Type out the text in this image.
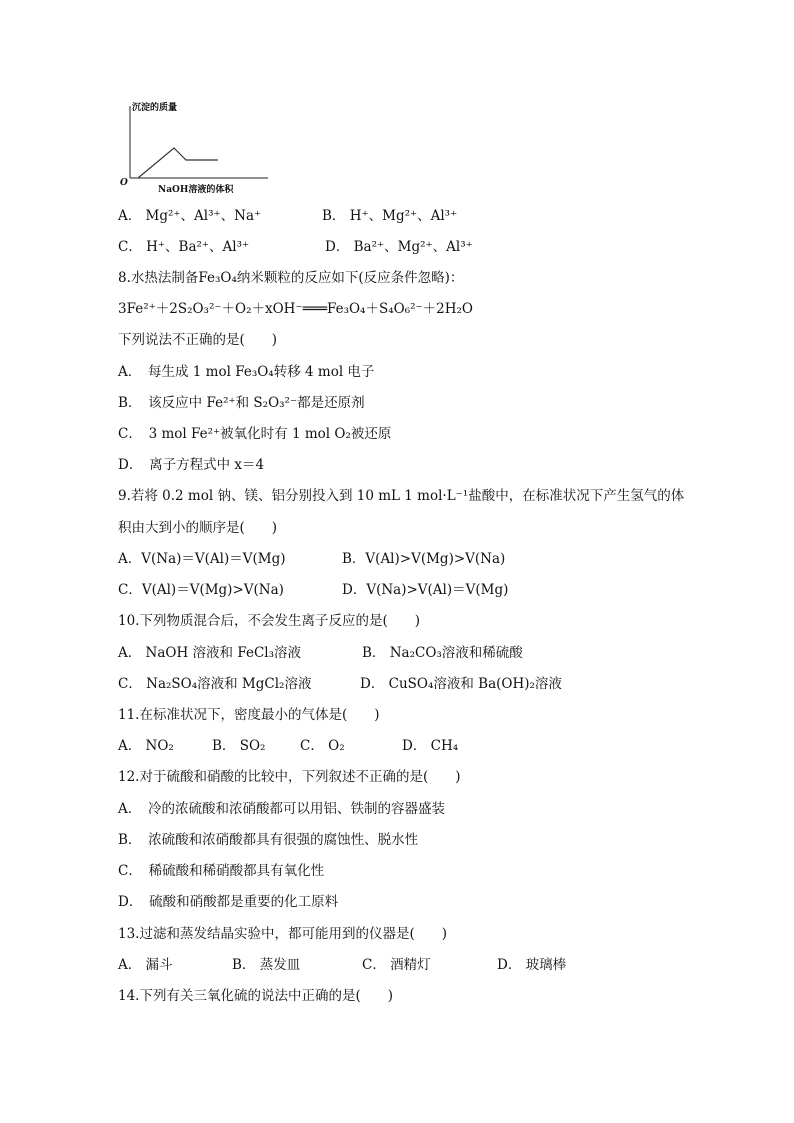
沉淀的质量
NaOH溶液的体积
O
A． Mg²⁺、Al³⁺、Na⁺	B． H⁺、Mg²⁺、Al³⁺
C． H⁺、Ba²⁺、Al³⁺	D． Ba²⁺、Mg²⁺、Al³⁺
8.水热法制备Fe₃O₄纳米颗粒的反应如下(反应条件忽略)：
3Fe²⁺＋2S₂O₃²⁻＋O₂＋xOH⁻═══Fe₃O₄＋S₄O₆²⁻＋2H₂O
下列说法不正确的是(　　)
A．　 每生成 1 mol Fe₃O₄转移 4 mol 电子
B．　 该反应中 Fe²⁺和 S₂O₃²⁻都是还原剂
C．　 3 mol Fe²⁺被氧化时有 1 mol O₂被还原
D．　 离子方程式中 x＝4
9.若将 0.2 mol 钠、镁、铝分别投入到 10 mL 1 mol·L⁻¹盐酸中，在标准状况下产生氢气的体
积由大到小的顺序是(　　)
A．V(Na)＝V(Al)＝V(Mg)	B．V(Al)>V(Mg)>V(Na)
C．V(Al)＝V(Mg)>V(Na)	D．V(Na)>V(Al)＝V(Mg)
10.下列物质混合后，不会发生离子反应的是(　　)
A． NaOH 溶液和 FeCl₃溶液	B． Na₂CO₃溶液和稀硫酸
C． Na₂SO₄溶液和 MgCl₂溶液	D． CuSO₄溶液和 Ba(OH)₂溶液
11.在标准状况下，密度最小的气体是(　　)
A． NO₂	B． SO₂	C． O₂	D． CH₄
12.对于硫酸和硝酸的比较中，下列叙述不正确的是(　　)
A．　 冷的浓硫酸和浓硝酸都可以用铝、铁制的容器盛装
B．　 浓硫酸和浓硝酸都具有很强的腐蚀性、脱水性
C．　 稀硫酸和稀硝酸都具有氧化性
D．　 硫酸和硝酸都是重要的化工原料
13.过滤和蒸发结晶实验中，都可能用到的仪器是(　　)
A． 漏斗	B． 蒸发皿	C． 酒精灯	D． 玻璃棒
14.下列有关三氧化硫的说法中正确的是(　　)
